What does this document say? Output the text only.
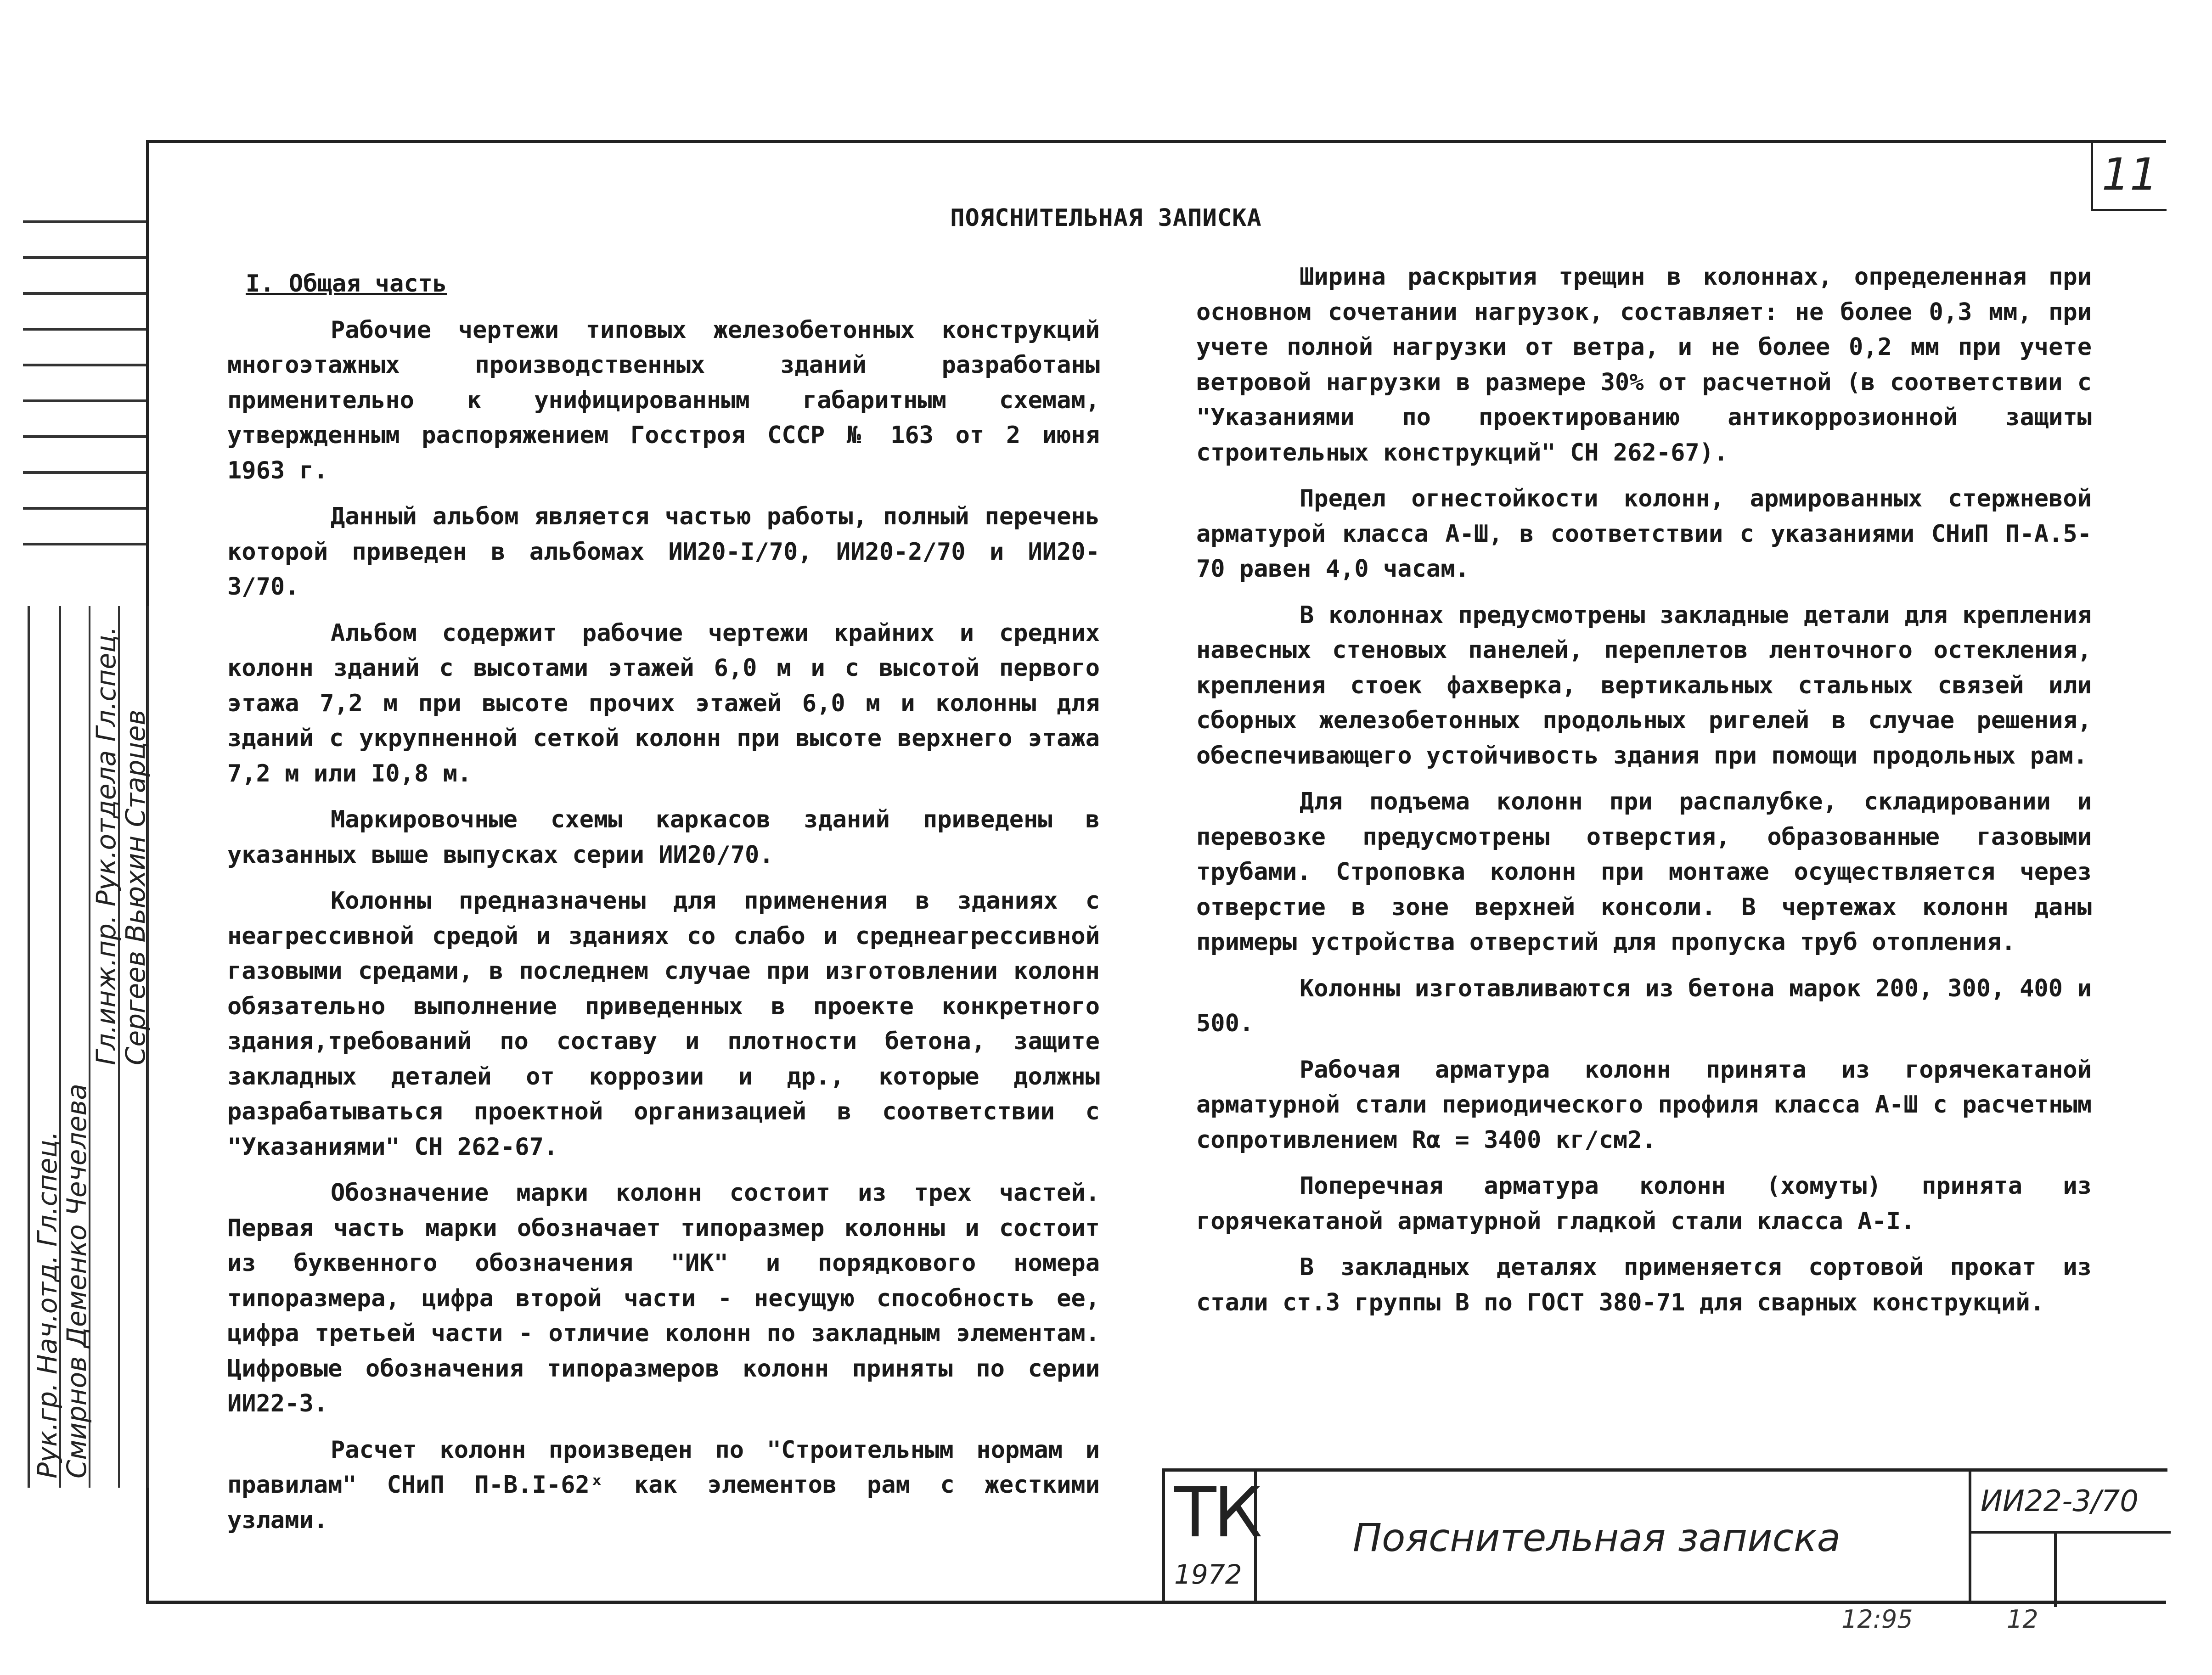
11
Рук.гр. Нач.отд. Гл.спец.
Смирнов Деменко Чечелева
Гл.инж.пр. Рук.отдела Гл.спец.
Сергеев Вьюхин Старцев
ПОЯСНИТЕЛЬНАЯ ЗАПИСКА

I. Общая часть

Рабочие чертежи типовых железобетонных конструкций многоэтажных производственных зданий разработаны применительно к унифицированным габаритным схемам, утвержденным распоряжением Госстроя СССР № 163 от 2 июня 1963 г.

Данный альбом является частью работы, полный перечень которой приведен в альбомах ИИ20-I/70, ИИ20-2/70 и ИИ20-3/70.

Альбом содержит рабочие чертежи крайних и средних колонн зданий с высотами этажей 6,0 м и с высотой первого этажа 7,2 м при высоте прочих этажей 6,0 м и колонны для зданий с укрупненной сеткой колонн при высоте верхнего этажа 7,2 м или I0,8 м.

Маркировочные схемы каркасов зданий приведены в указанных выше выпусках серии ИИ20/70.

Колонны предназначены для применения в зданиях с неагрессивной средой и зданиях со слабо и среднеагрессивной газовыми средами, в последнем случае при изготовлении колонн обязательно выполнение приведенных в проекте конкретного здания,требований по составу и плотности бетона, защите закладных деталей от коррозии и др., которые должны разрабатываться проектной организацией в соответствии с "Указаниями" СН 262-67.

Обозначение марки колонн состоит из трех частей. Первая часть марки обозначает типоразмер колонны и состоит из буквенного обозначения "ИК" и порядкового номера типоразмера, цифра второй части - несущую способность ее, цифра третьей части - отличие колонн по закладным элементам. Цифровые обозначения типоразмеров колонн приняты по серии ИИ22-3.

Расчет колонн произведен по "Строительным нормам и правилам" СНиП П-В.I-62ˣ как элементов рам с жесткими узлами.

Ширина раскрытия трещин в колоннах, определенная при основном сочетании нагрузок, составляет: не более 0,3 мм, при учете полной нагрузки от ветра, и не более 0,2 мм при учете ветровой нагрузки в размере 30% от расчетной (в соответствии с "Указаниями по проектированию антикоррозионной защиты строительных конструкций" СН 262-67).

Предел огнестойкости колонн, армированных стержневой арматурой класса А-Ш, в соответствии с указаниями СНиП П-А.5-70 равен 4,0 часам.

В колоннах предусмотрены закладные детали для крепления навесных стеновых панелей, переплетов ленточного остекления, крепления стоек фахверка, вертикальных стальных связей или сборных железобетонных продольных ригелей в случае решения, обеспечивающего устойчивость здания при помощи продольных рам.

Для подъема колонн при распалубке, складировании и перевозке предусмотрены отверстия, образованные газовыми трубами. Строповка колонн при монтаже осуществляется через отверстие в зоне верхней консоли. В чертежах колонн даны примеры устройства отверстий для пропуска труб отопления.

Колонны изготавливаются из бетона марок 200, 300, 400 и 500.

Рабочая арматура колонн принята из горячекатаной арматурной стали периодического профиля класса А-Ш с расчетным сопротивлением Rα = 3400 кг/см2.

Поперечная арматура колонн (хомуты) принята из горячекатаной арматурной гладкой стали класса А-I.

В закладных деталях применяется сортовой прокат из стали ст.3 группы В по ГОСТ 380-71 для сварных конструкций.

ТК
1972
Пояснительная записка
ИИ22-3/70
12:95	12
